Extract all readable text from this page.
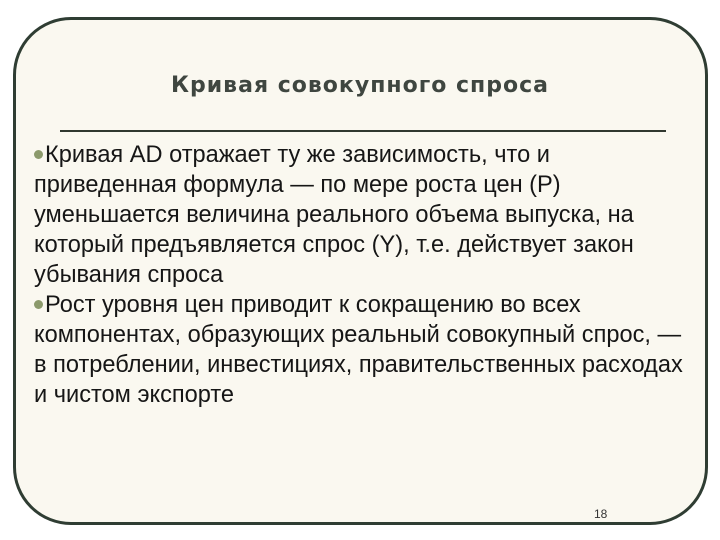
Кривая совокупного спроса

Кривая AD отражает ту же зависимость, что и приведенная формула — по мере роста цен (P) уменьшается величина реального объема выпуска, на который предъявляется спрос (Y), т.е. действует закон убывания спроса

Рост уровня цен приводит к сокращению во всех компонентах, образующих реальный совокупный спрос, — в потреблении, инвестициях, правительственных расходах и чистом экспорте

18
